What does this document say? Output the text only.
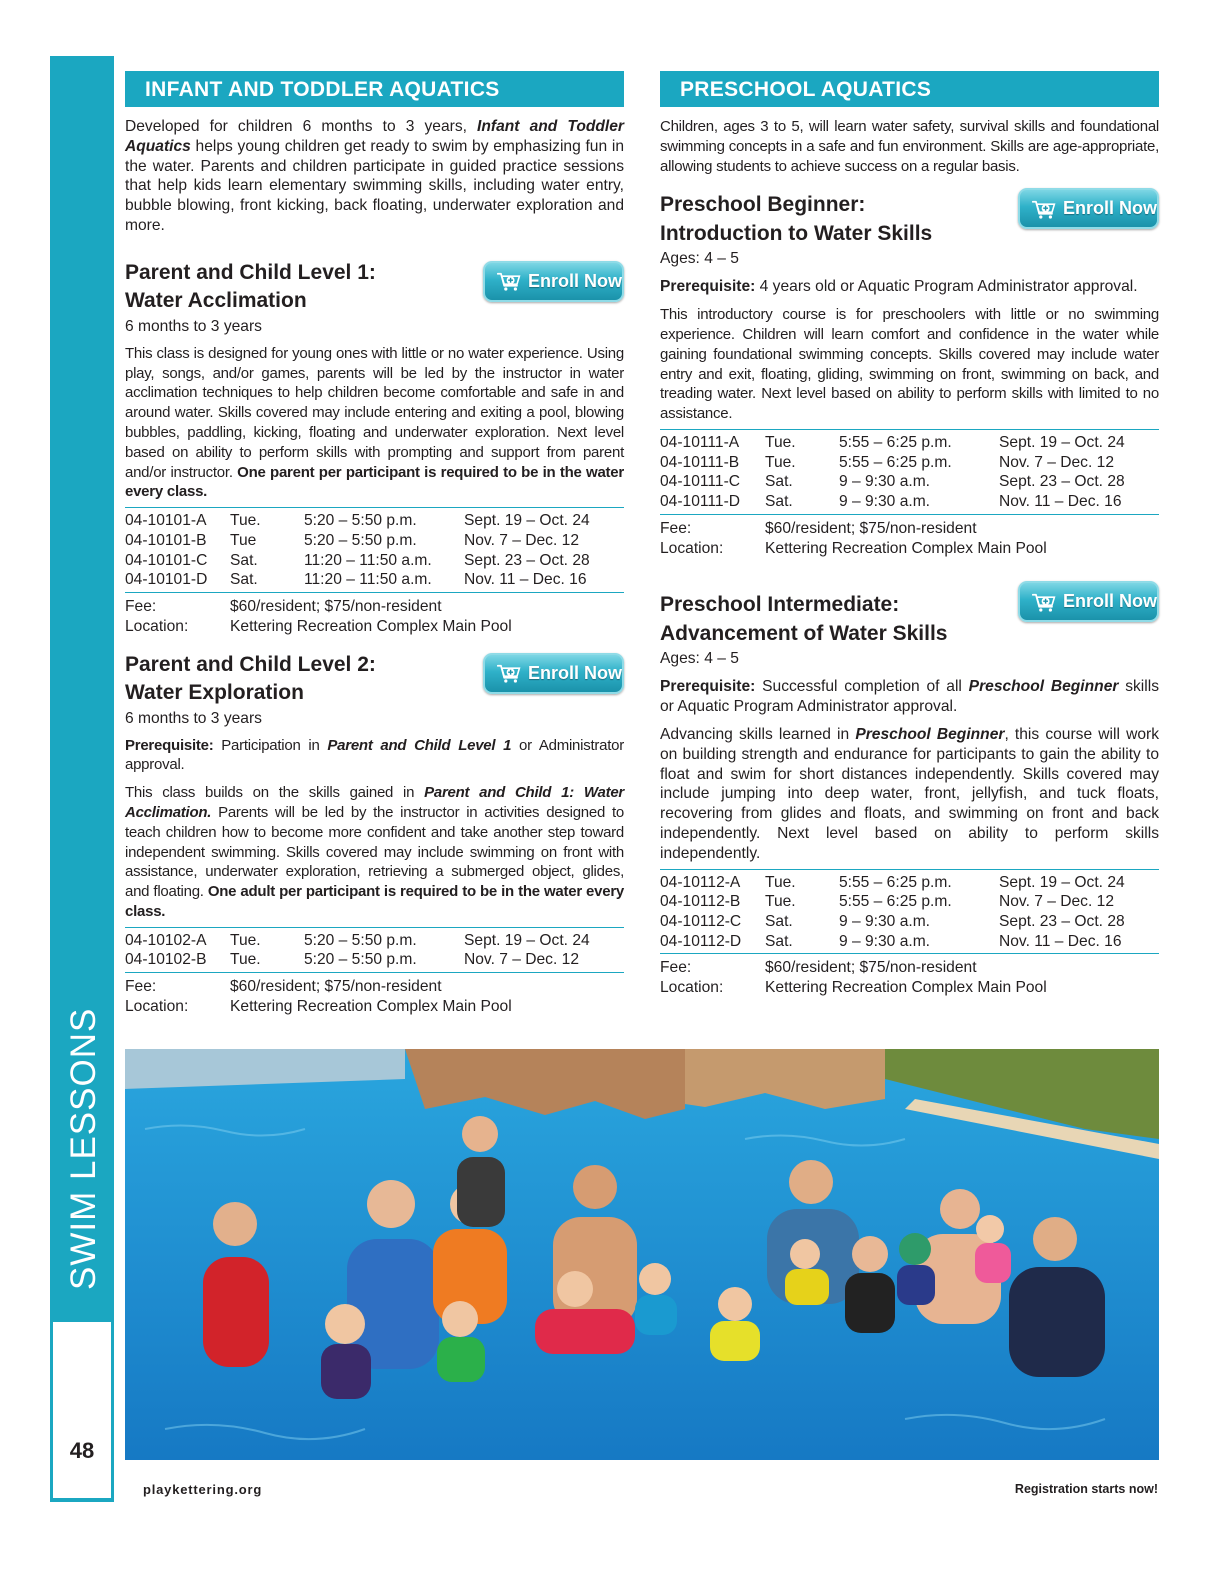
SWIM LESSONS
48
INFANT AND TODDLER AQUATICS

Developed for children 6 months to 3 years, Infant and Toddler Aquatics helps young children get ready to swim by emphasizing fun in the water. Parents and children participate in guided practice sessions that help kids learn elementary swimming skills, including water entry, bubble blowing, front kicking, back floating, underwater exploration and more.

Parent and Child Level 1:
Water Acclimation
6 months to 3 years
Enroll Now

This class is designed for young ones with little or no water experience. Using play, songs, and/or games, parents will be led by the instructor in water acclimation techniques to help children become comfortable and safe in and around water. Skills covered may include entering and exiting a pool, blowing bubbles, paddling, kicking, floating and underwater exploration. Next level based on ability to perform skills with prompting and support from parent and/or instructor. One parent per participant is required to be in the water every class.

04-10101-A	Tue.	5:20 – 5:50 p.m.	Sept. 19 – Oct. 24
04-10101-B	Tue	5:20 – 5:50 p.m.	Nov. 7 – Dec. 12
04-10101-C	Sat.	11:20 – 11:50 a.m.	Sept. 23 – Oct. 28
04-10101-D	Sat.	11:20 – 11:50 a.m.	Nov. 11 – Dec. 16
Fee:	$60/resident; $75/non-resident
Location:	Kettering Recreation Complex Main Pool
Parent and Child Level 2:
Water Exploration
6 months to 3 years
Enroll Now

Prerequisite: Participation in Parent and Child Level 1 or Administrator approval.

This class builds on the skills gained in Parent and Child 1: Water Acclimation. Parents will be led by the instructor in activities designed to teach children how to become more confident and take another step toward independent swimming. Skills covered may include swimming on front with assistance, underwater exploration, retrieving a submerged object, glides, and floating. One adult per participant is required to be in the water every class.

04-10102-A	Tue.	5:20 – 5:50 p.m.	Sept. 19 – Oct. 24
04-10102-B	Tue.	5:20 – 5:50 p.m.	Nov. 7 – Dec. 12
Fee:	$60/resident; $75/non-resident
Location:	Kettering Recreation Complex Main Pool
PRESCHOOL AQUATICS

Children, ages 3 to 5, will learn water safety, survival skills and foundational swimming concepts in a safe and fun environment. Skills are age-appropriate, allowing students to achieve success on a regular basis.

Preschool Beginner:
Introduction to Water Skills
Ages: 4 – 5
Enroll Now

Prerequisite: 4 years old or Aquatic Program Administrator approval.

This introductory course is for preschoolers with little or no swimming experience. Children will learn comfort and confidence in the water while gaining foundational swimming concepts. Skills covered may include water entry and exit, floating, gliding, swimming on front, swimming on back, and treading water. Next level based on ability to perform skills with limited to no assistance.

04-10111-A	Tue.	5:55 – 6:25 p.m.	Sept. 19 – Oct. 24
04-10111-B	Tue.	5:55 – 6:25 p.m.	Nov. 7 – Dec. 12
04-10111-C	Sat.	9 – 9:30 a.m.	Sept. 23 – Oct. 28
04-10111-D	Sat.	9 – 9:30 a.m.	Nov. 11 – Dec. 16
Fee:	$60/resident; $75/non-resident
Location:	Kettering Recreation Complex Main Pool
Preschool Intermediate:
Advancement of Water Skills
Ages: 4 – 5
Enroll Now

Prerequisite: Successful completion of all Preschool Beginner skills or Aquatic Program Administrator approval.

Advancing skills learned in Preschool Beginner, this course will work on building strength and endurance for participants to gain the ability to float and swim for short distances independently. Skills covered may include jumping into deep water, front, jellyfish, and tuck floats, recovering from glides and floats, and swimming on front and back independently. Next level based on ability to perform skills independently.

04-10112-A	Tue.	5:55 – 6:25 p.m.	Sept. 19 – Oct. 24
04-10112-B	Tue.	5:55 – 6:25 p.m.	Nov. 7 – Dec. 12
04-10112-C	Sat.	9 – 9:30 a.m.	Sept. 23 – Oct. 28
04-10112-D	Sat.	9 – 9:30 a.m.	Nov. 11 – Dec. 16
Fee:	$60/resident; $75/non-resident
Location:	Kettering Recreation Complex Main Pool
playkettering.org	Registration starts now!
